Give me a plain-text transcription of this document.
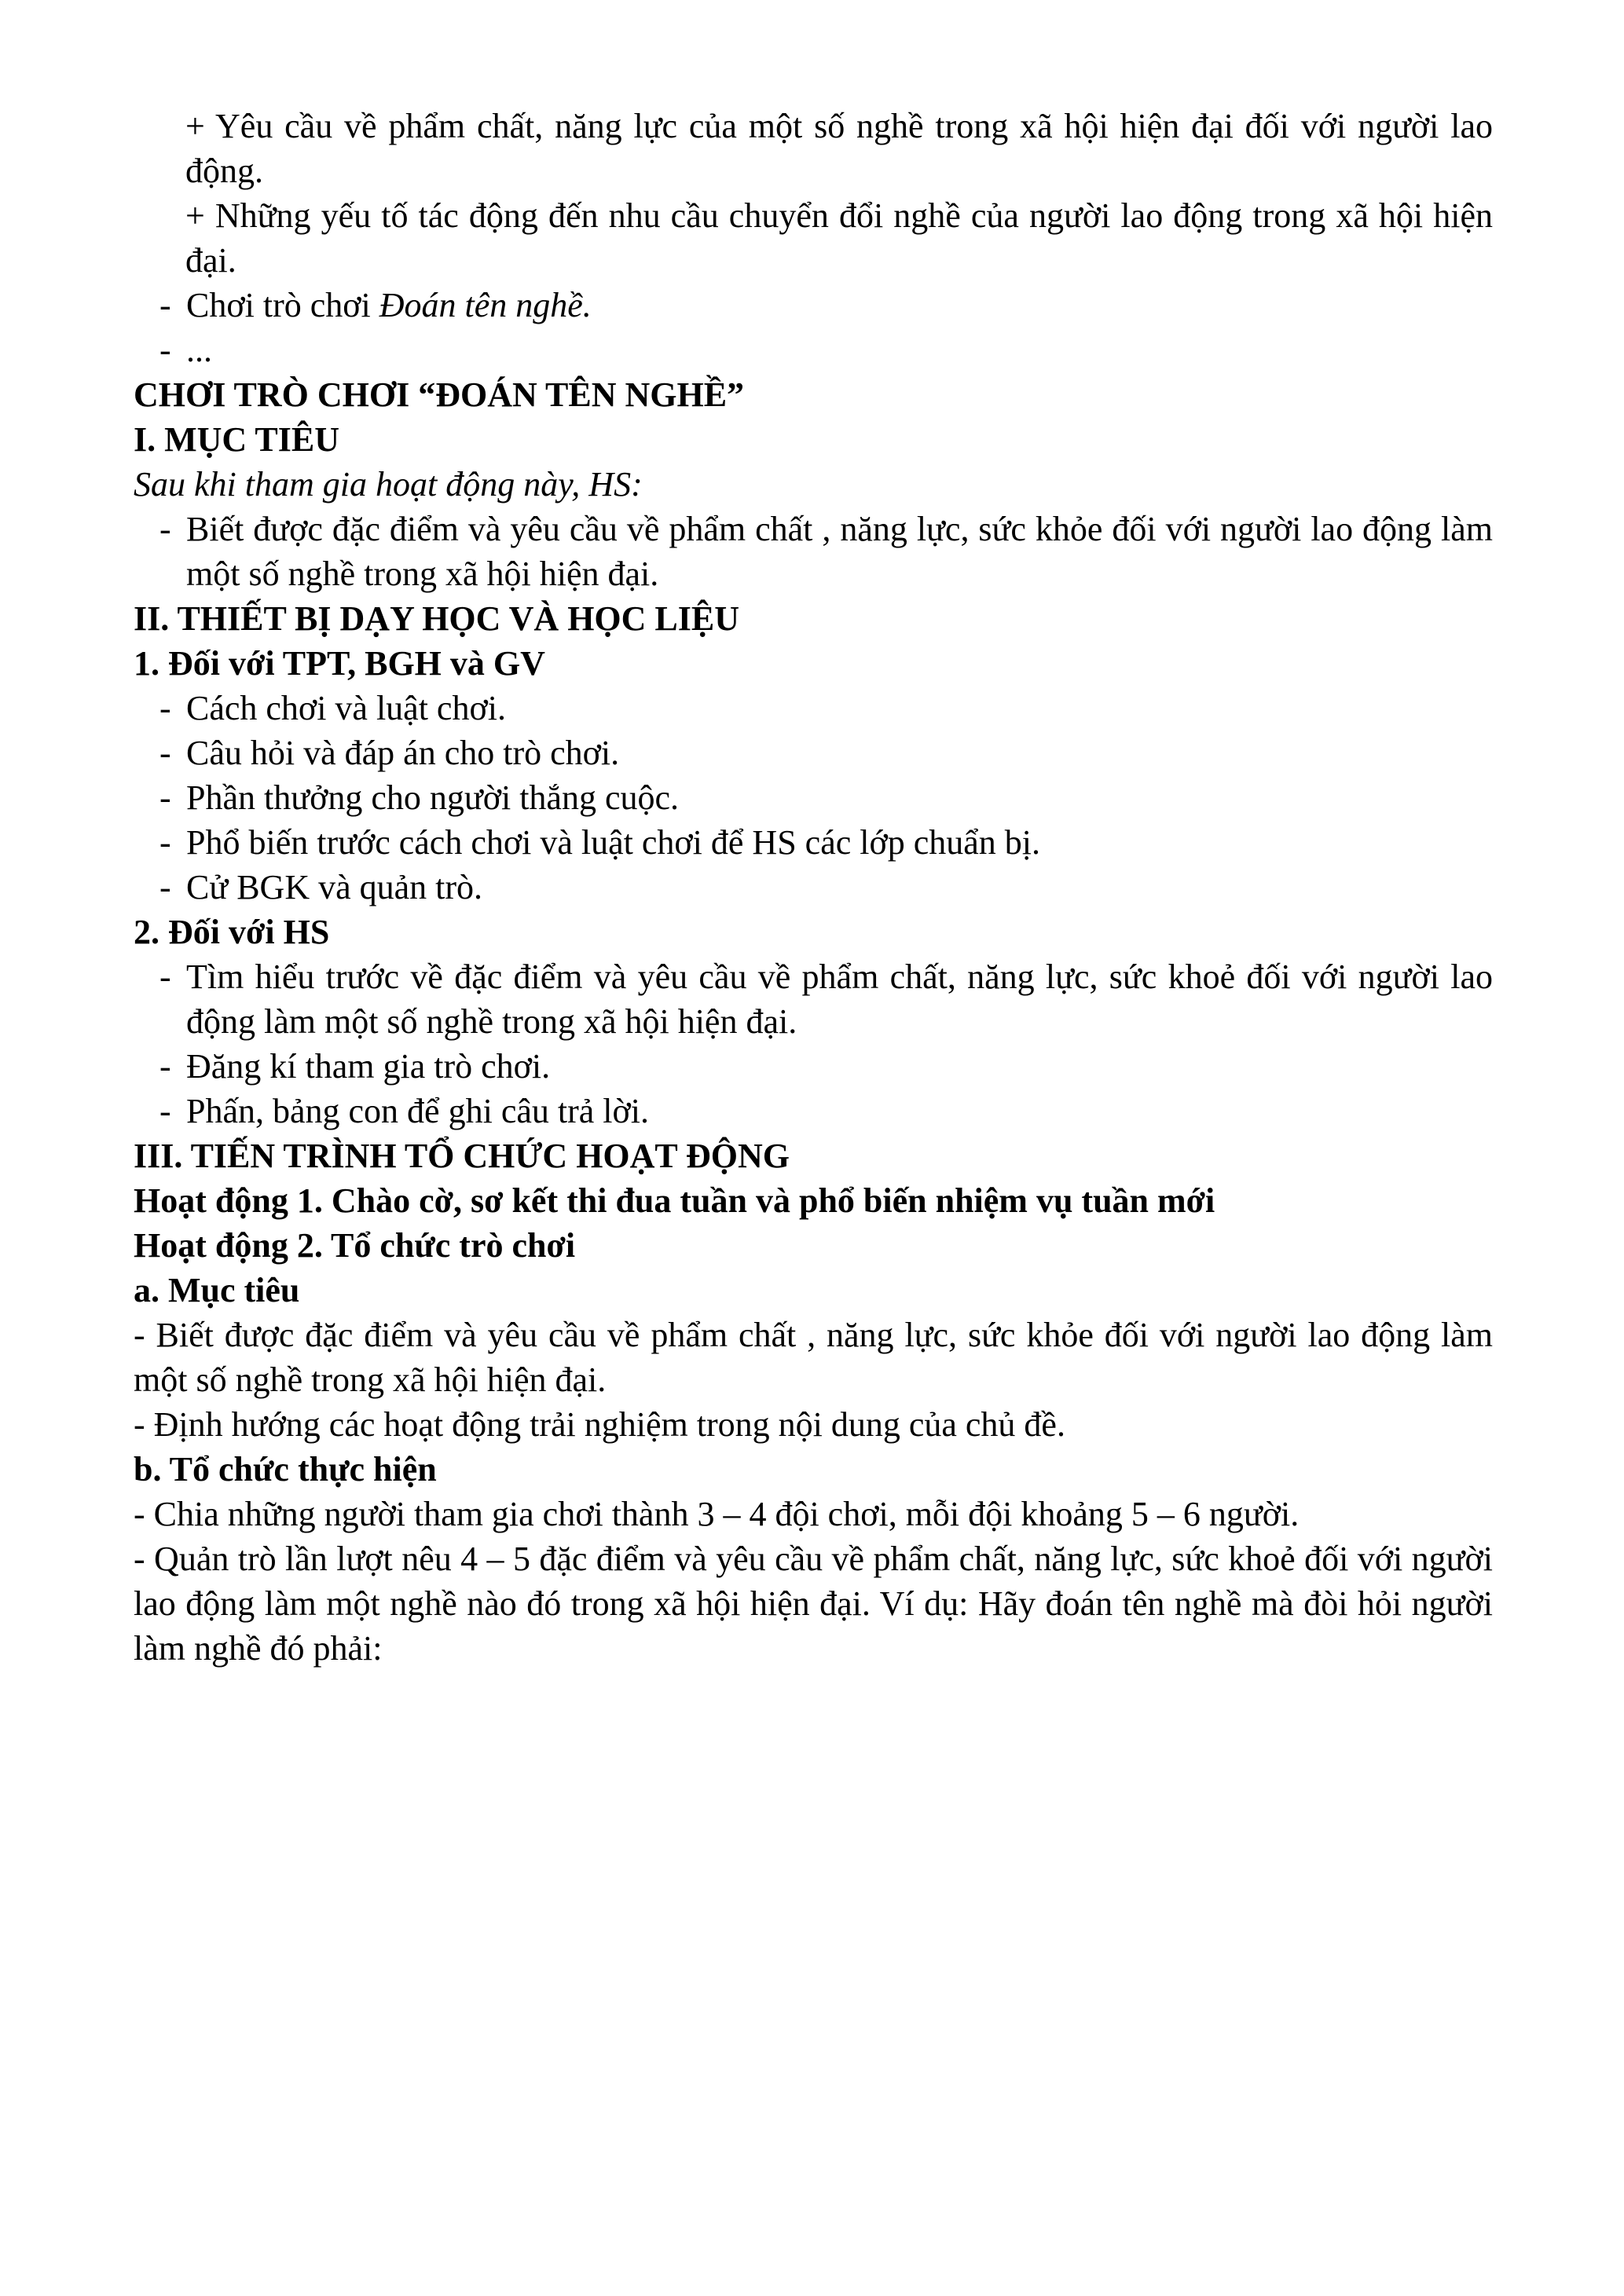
+ Yêu cầu về phẩm chất, năng lực của một số nghề trong xã hội hiện đại đối với người lao động.

+ Những yếu tố tác động đến nhu cầu chuyển đổi nghề của người lao động trong xã hội hiện đại.

- Chơi trò chơi Đoán tên nghề.
- ...

CHƠI TRÒ CHƠI “ĐOÁN TÊN NGHỀ”

I. MỤC TIÊU

Sau khi tham gia hoạt động này, HS:

- Biết được đặc điểm và yêu cầu về phẩm chất , năng lực, sức khỏe đối với người lao động làm một số nghề trong xã hội hiện đại.

II. THIẾT BỊ DẠY HỌC VÀ HỌC LIỆU

1. Đối với TPT, BGH và GV

- Cách chơi và luật chơi.
- Câu hỏi và đáp án cho trò chơi.
- Phần thưởng cho người thắng cuộc.
- Phổ biến trước cách chơi và luật chơi để HS các lớp chuẩn bị.
- Cử BGK và quản trò.

2. Đối với HS

- Tìm hiểu trước về đặc điểm và yêu cầu về phẩm chất, năng lực, sức khoẻ đối với người lao động làm một số nghề trong xã hội hiện đại.
- Đăng kí tham gia trò chơi.
- Phấn, bảng con để ghi câu trả lời.

III. TIẾN TRÌNH TỔ CHỨC HOẠT ĐỘNG

Hoạt động 1. Chào cờ, sơ kết thi đua tuần và phổ biến nhiệm vụ tuần mới

Hoạt động 2. Tổ chức trò chơi

a. Mục tiêu

- Biết được đặc điểm và yêu cầu về phẩm chất , năng lực, sức khỏe đối với người lao động làm một số nghề trong xã hội hiện đại.

- Định hướng các hoạt động trải nghiệm trong nội dung của chủ đề.

b. Tổ chức thực hiện

- Chia những người tham gia chơi thành 3 – 4 đội chơi, mỗi đội khoảng 5 – 6 người.

- Quản trò lần lượt nêu 4 – 5 đặc điểm và yêu cầu về phẩm chất, năng lực, sức khoẻ đối với người lao động làm một nghề nào đó trong xã hội hiện đại. Ví dụ: Hãy đoán tên nghề mà đòi hỏi người làm nghề đó phải:
